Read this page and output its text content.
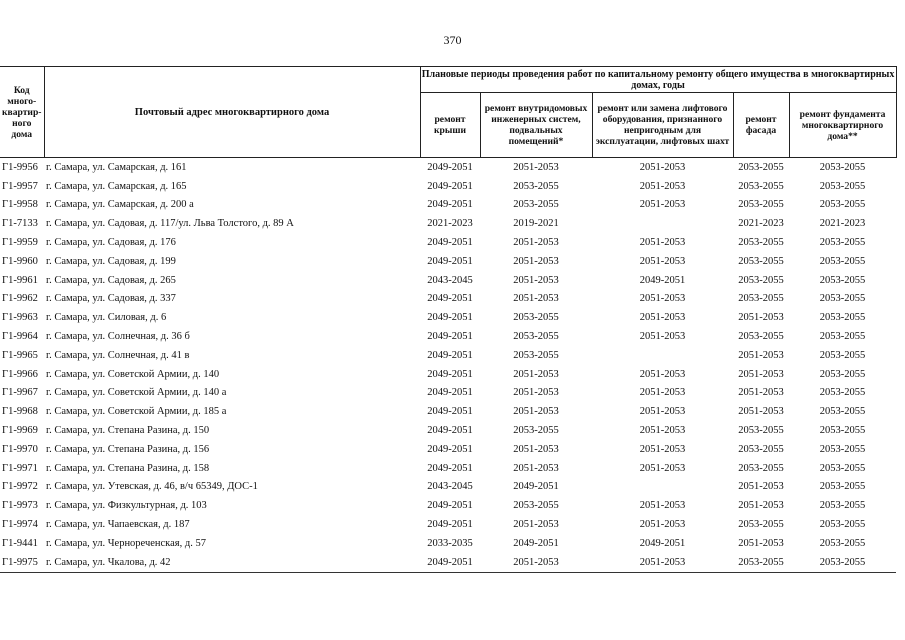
370
Код много-квартир-ного дома	Почтовый адрес многоквартирного дома	Плановые периоды проведения работ по капитальному ремонту общего имущества в многоквартирных домах, годы				
		ремонт крыши	ремонт внутридомовых инженерных систем, подвальных помещений*	ремонт или замена лифтового оборудования, признанного непригодным для эксплуатации, лифтовых шахт	ремонт фасада	ремонт фундамента многоквартирного дома**
Г1-9956	г. Самара, ул. Самарская, д. 161	2049-2051	2051-2053	2051-2053	2053-2055	2053-2055
Г1-9957	г. Самара, ул. Самарская, д. 165	2049-2051	2053-2055	2051-2053	2053-2055	2053-2055
Г1-9958	г. Самара, ул. Самарская, д. 200 а	2049-2051	2053-2055	2051-2053	2053-2055	2053-2055
Г1-7133	г. Самара, ул. Садовая, д. 117/ул. Льва Толстого, д. 89 А	2021-2023	2019-2021		2021-2023	2021-2023
Г1-9959	г. Самара, ул. Садовая, д. 176	2049-2051	2051-2053	2051-2053	2053-2055	2053-2055
Г1-9960	г. Самара, ул. Садовая, д. 199	2049-2051	2051-2053	2051-2053	2053-2055	2053-2055
Г1-9961	г. Самара, ул. Садовая, д. 265	2043-2045	2051-2053	2049-2051	2053-2055	2053-2055
Г1-9962	г. Самара, ул. Садовая, д. 337	2049-2051	2051-2053	2051-2053	2053-2055	2053-2055
Г1-9963	г. Самара, ул. Силовая, д. 6	2049-2051	2053-2055	2051-2053	2051-2053	2053-2055
Г1-9964	г. Самара, ул. Солнечная, д. 36 б	2049-2051	2053-2055	2051-2053	2053-2055	2053-2055
Г1-9965	г. Самара, ул. Солнечная, д. 41 в	2049-2051	2053-2055		2051-2053	2053-2055
Г1-9966	г. Самара, ул. Советской Армии, д. 140	2049-2051	2051-2053	2051-2053	2051-2053	2053-2055
Г1-9967	г. Самара, ул. Советской Армии, д. 140 а	2049-2051	2051-2053	2051-2053	2051-2053	2053-2055
Г1-9968	г. Самара, ул. Советской Армии, д. 185 а	2049-2051	2051-2053	2051-2053	2051-2053	2053-2055
Г1-9969	г. Самара, ул. Степана Разина, д. 150	2049-2051	2053-2055	2051-2053	2053-2055	2053-2055
Г1-9970	г. Самара, ул. Степана Разина, д. 156	2049-2051	2051-2053	2051-2053	2053-2055	2053-2055
Г1-9971	г. Самара, ул. Степана Разина, д. 158	2049-2051	2051-2053	2051-2053	2053-2055	2053-2055
Г1-9972	г. Самара, ул. Утевская, д. 46, в/ч 65349, ДОС-1	2043-2045	2049-2051		2051-2053	2053-2055
Г1-9973	г. Самара, ул. Физкультурная, д. 103	2049-2051	2053-2055	2051-2053	2051-2053	2053-2055
Г1-9974	г. Самара, ул. Чапаевская, д. 187	2049-2051	2051-2053	2051-2053	2053-2055	2053-2055
Г1-9441	г. Самара, ул. Чернореченская, д. 57	2033-2035	2049-2051	2049-2051	2051-2053	2053-2055
Г1-9975	г. Самара, ул. Чкалова, д. 42	2049-2051	2051-2053	2051-2053	2053-2055	2053-2055
